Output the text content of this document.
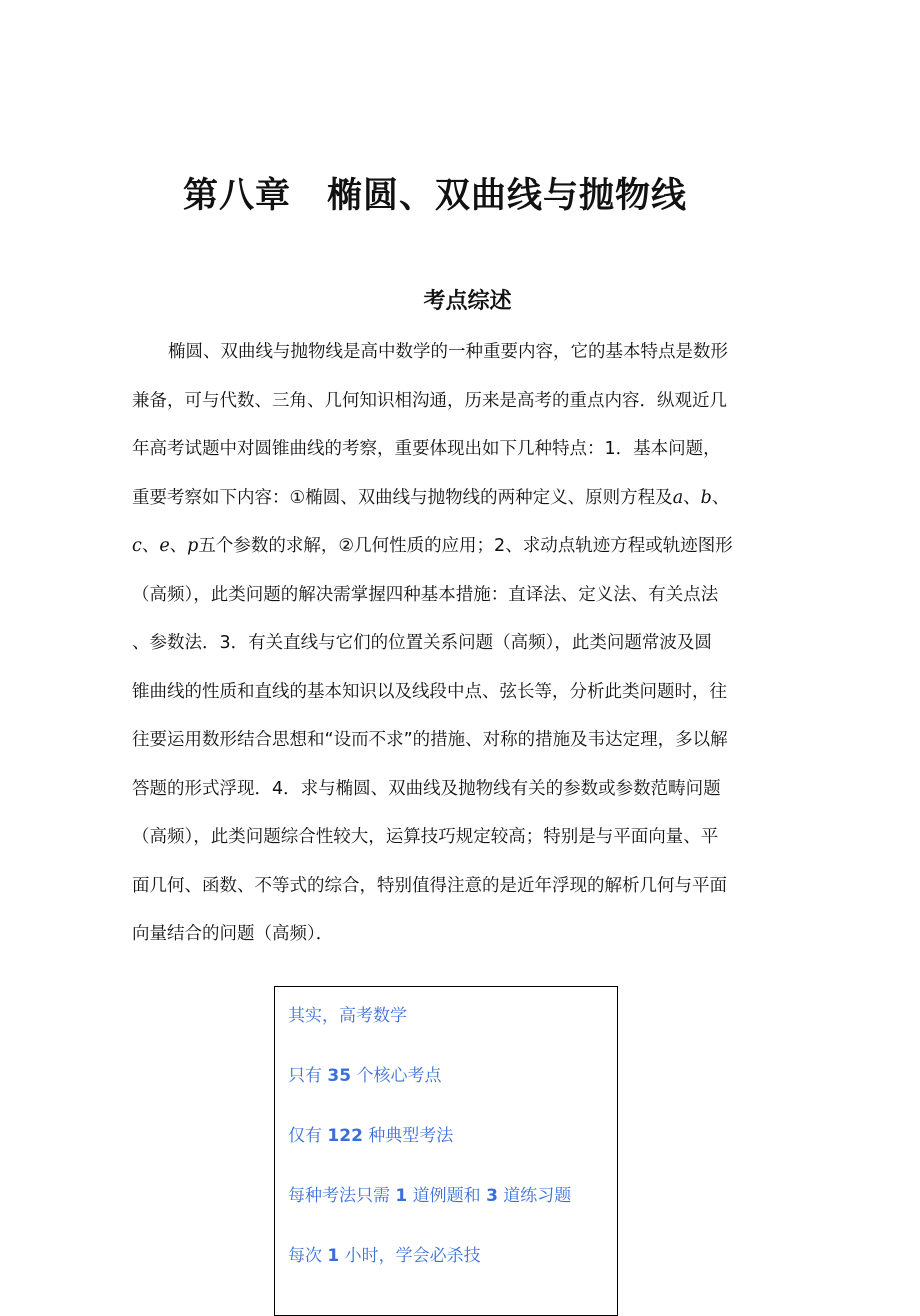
第八章　椭圆、双曲线与抛物线
考点综述
椭圆、双曲线与抛物线是高中数学的一种重要内容，它的基本特点是数形
兼备，可与代数、三角、几何知识相沟通，历来是高考的重点内容．纵观近几
年高考试题中对圆锥曲线的考察，重要体现出如下几种特点：1．基本问题，
重要考察如下内容：①椭圆、双曲线与抛物线的两种定义、原则方程及a、b、
c、e、p五个参数的求解，②几何性质的应用；2、求动点轨迹方程或轨迹图形
（高频），此类问题的解决需掌握四种基本措施：直译法、定义法、有关点法
、参数法．3．有关直线与它们的位置关系问题（高频），此类问题常波及圆
锥曲线的性质和直线的基本知识以及线段中点、弦长等，分析此类问题时，往
往要运用数形结合思想和“设而不求”的措施、对称的措施及韦达定理，多以解
答题的形式浮现．4．求与椭圆、双曲线及抛物线有关的参数或参数范畴问题
（高频），此类问题综合性较大，运算技巧规定较高；特别是与平面向量、平
面几何、函数、不等式的综合，特别值得注意的是近年浮现的解析几何与平面
向量结合的问题（高频）．
其实，高考数学
只有 35 个核心考点
仅有 122 种典型考法
每种考法只需 1 道例题和 3 道练习题
每次 1 小时，学会必杀技
